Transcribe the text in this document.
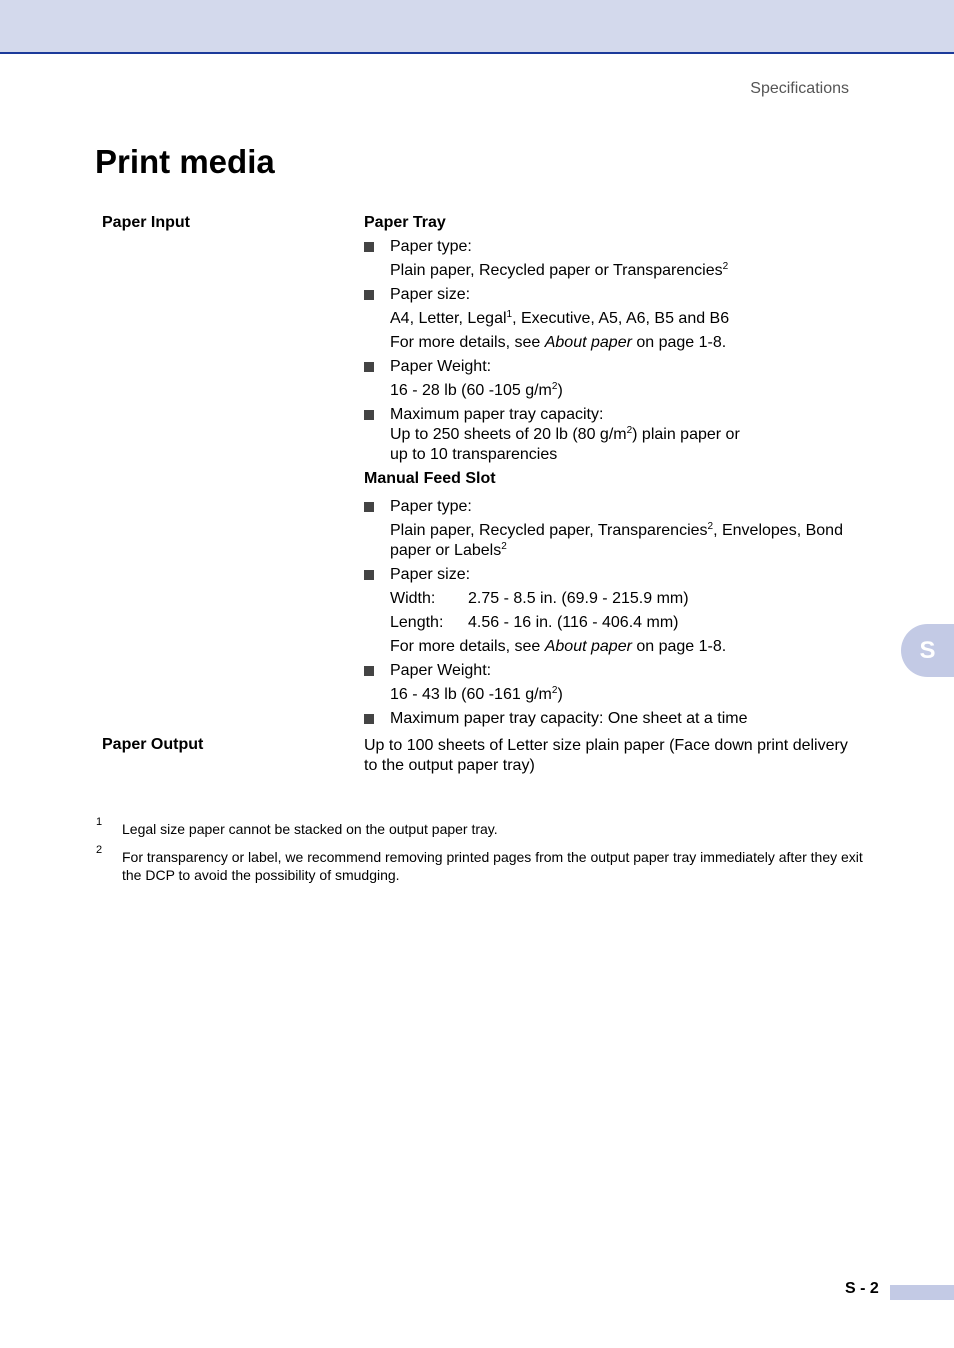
Specifications
Print media
Paper Input	Paper Tray
Paper type:
Plain paper, Recycled paper or Transparencies$^2$
Paper size:
A4, Letter, Legal$^1$, Executive, A5, A6, B5 and B6
For more details, see About paper on page 1-8.
Paper Weight:
16 - 28 lb (60 -105 $g/m^2$)
Maximum paper tray capacity:
Up to 250 sheets of 20 lb (80 $g/m^2$) plain paper or
up to 10 transparencies
Manual Feed Slot
Paper type:
Plain paper, Recycled paper, Transparencies$^2$, Envelopes, Bond
paper or Labels$^2$
Paper size:
Width: 2.75 - 8.5 in. (69.9 - 215.9 mm)
Length: 4.56 - 16 in. (116 - 406.4 mm)
For more details, see About paper on page 1-8.
Paper Weight:
16 - 43 lb (60 -161 $g/m^2$)
Maximum paper tray capacity: One sheet at a time
Paper Output	Up to 100 sheets of Letter size plain paper (Face down print delivery
to the output paper tray)
1	Legal size paper cannot be stacked on the output paper tray.
2	For transparency or label, we recommend removing printed pages from the output paper tray immediately after they exit the DCP to avoid the possibility of smudging.
S
S - 2
